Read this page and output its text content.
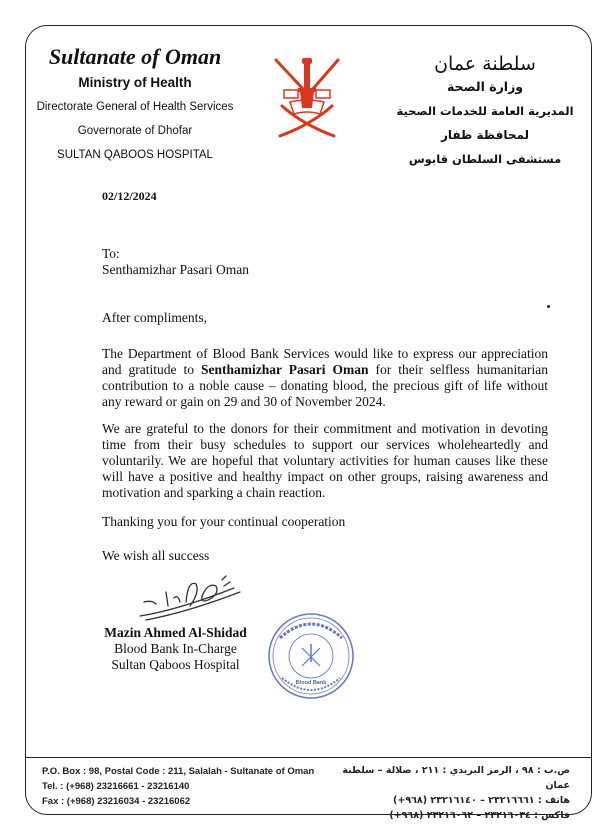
Sultanate of Oman
Ministry of Health
Directorate General of Health Services
Governorate of Dhofar
SULTAN QABOOS HOSPITAL
سلطنة عمان
وزارة الصحة
المديرية العامة للخدمات الصحية
لمحافظة ظفار
مستشفى السلطان قابوس
02/12/2024
To:
Senthamizhar Pasari Oman
After compliments,
The Department of Blood Bank Services would like to express our appreciation and gratitude to Senthamizhar Pasari Oman for their selfless humanitarian contribution to a noble cause – donating blood, the precious gift of life without any reward or gain on 29 and 30 of November 2024.
We are grateful to the donors for their commitment and motivation in devoting time from their busy schedules to support our services wholeheartedly and voluntarily. We are hopeful that voluntary activities for human causes like these will have a positive and healthy impact on other groups, raising awareness and motivation and sparking a chain reaction.
Thanking you for your continual cooperation
We wish all success
Mazin Ahmed Al-Shidad
Blood Bank In-Charge
Sultan Qaboos Hospital
Blood Bank
P.O. Box : 98, Postal Code : 211, Salalah - Sultanate of Oman
Tel. : (+968) 23216661 - 23216140
Fax : (+968) 23216034 - 23216062
ص.ب : ٩٨ ، الرمز البريدي : ٢١١ ، صلالة – سلطنة عمان
هاتف : ٢٣٢١٦٦٦١ – ٢٣٢١٦١٤٠ (٩٦٨+)
فاكس : ٢٣٢١٦٠٣٤ – ٢٣٢١٦٠٦٢ (٩٦٨+)
